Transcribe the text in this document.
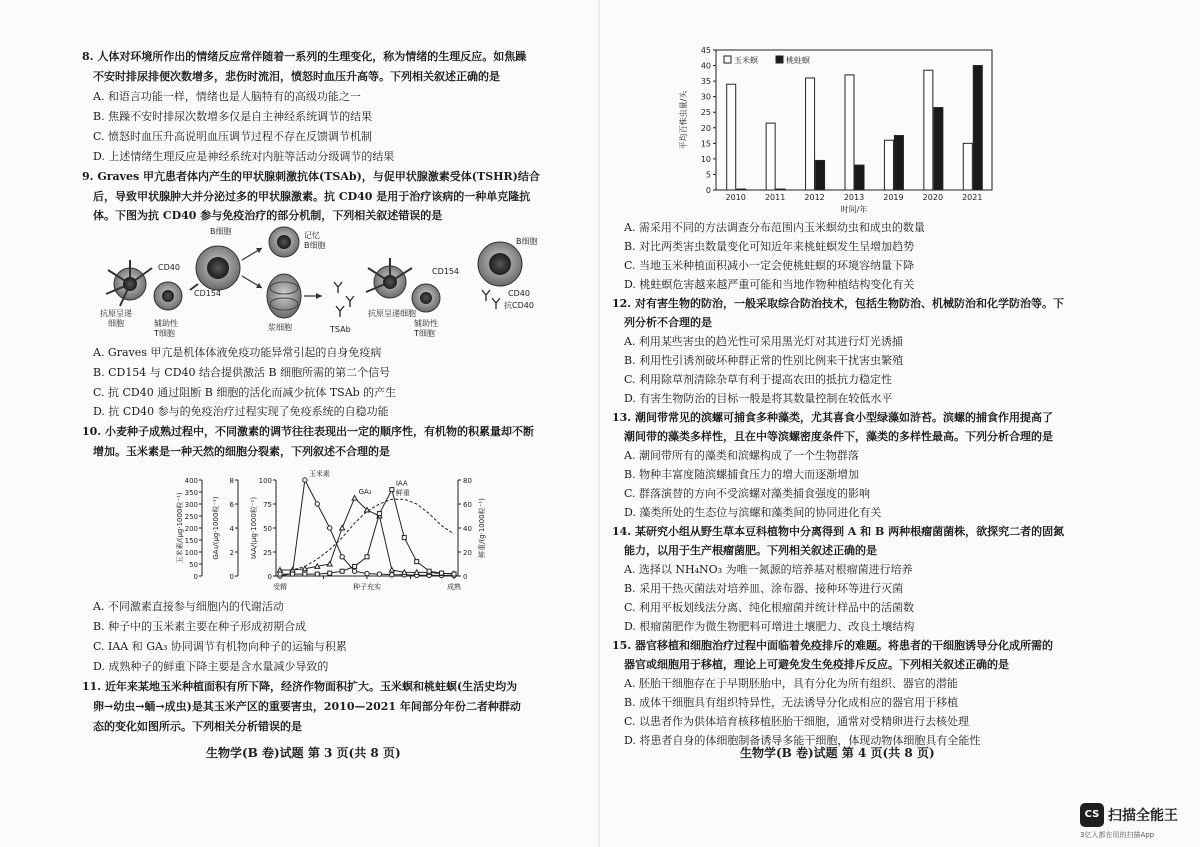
8. 人体对环境所作出的情绪反应常伴随着一系列的生理变化，称为情绪的生理反应。如焦躁
不安时排尿排便次数增多，悲伤时流泪，愤怒时血压升高等。下列相关叙述正确的是
A. 和语言功能一样，情绪也是人脑特有的高级功能之一
B. 焦躁不安时排尿次数增多仅是自主神经系统调节的结果
C. 愤怒时血压升高说明血压调节过程不存在反馈调节机制
D. 上述情绪生理反应是神经系统对内脏等活动分级调节的结果
9. Graves 甲亢患者体内产生的甲状腺刺激抗体(TSAb)，与促甲状腺激素受体(TSHR)结合
后，导致甲状腺肿大并分泌过多的甲状腺激素。抗 CD40 是用于治疗该病的一种单克隆抗
体。下图为抗 CD40 参与免疫治疗的部分机制，下列相关叙述错误的是
B细胞
CD40
CD154
抗原呈递
细胞	辅助性
T细胞
记忆
B细胞
浆细胞	TSAb
B细胞
CD154
CD40
抗CD40
抗原呈递细胞
辅助性
T细胞
A. Graves 甲亢是机体体液免疫功能异常引起的自身免疫病
B. CD154 与 CD40 结合提供激活 B 细胞所需的第二个信号
C. 抗 CD40 通过阻断 B 细胞的活化而减少抗体 TSAb 的产生
D. 抗 CD40 参与的免疫治疗过程实现了免疫系统的自稳功能
10. 小麦种子成熟过程中，不同激素的调节往往表现出一定的顺序性，有机物的积累量却不断
增加。玉米素是一种天然的细胞分裂素，下列叙述不合理的是
0
50
100
150
200
250
300
350
400
玉米素/(μg·1000粒⁻¹)
0
2
4
6
8
GA₃/(μg·1000粒⁻¹)
0
25
50
75
100
IAA/(μg·1000粒⁻¹)
0
20
40
60
80
鲜重/(g·1000粒⁻¹)
受精	种子充实	成熟
玉米素
GA₃
IAA
鲜重
A. 不同激素直接参与细胞内的代谢活动
B. 种子中的玉米素主要在种子形成初期合成
C. IAA 和 GA₃ 协同调节有机物向种子的运输与积累
D. 成熟种子的鲜重下降主要是含水量减少导致的
11. 近年来某地玉米种植面积有所下降，经济作物面积扩大。玉米螟和桃蛀螟(生活史均为
卵→幼虫→蛹→成虫)是其玉米产区的重要害虫，2010—2021 年间部分年份二者种群动
态的变化如图所示。下列相关分析错误的是
生物学(B 卷)试题 第 3 页(共 8 页)
0
5
10
15
20
25
30
35
40
45
2010 2011 2012 2013 2019 2020 2021
时间/年
平均百株虫量/头
玉米螟	桃蛀螟
A. 需采用不同的方法调查分布范围内玉米螟幼虫和成虫的数量
B. 对比两类害虫数量变化可知近年来桃蛀螟发生呈增加趋势
C. 当地玉米种植面积减小一定会使桃蛀螟的环境容纳量下降
D. 桃蛀螟危害越来越严重可能和当地作物种植结构变化有关
12. 对有害生物的防治，一般采取综合防治技术，包括生物防治、机械防治和化学防治等。下
列分析不合理的是
A. 利用某些害虫的趋光性可采用黑光灯对其进行灯光诱捕
B. 利用性引诱剂破坏种群正常的性别比例来干扰害虫繁殖
C. 利用除草剂清除杂草有利于提高农田的抵抗力稳定性
D. 有害生物防治的目标一般是将其数量控制在较低水平
13. 潮间带常见的滨螺可捕食多种藻类，尤其喜食小型绿藻如浒苔。滨螺的捕食作用提高了
潮间带的藻类多样性，且在中等滨螺密度条件下，藻类的多样性最高。下列分析合理的是
A. 潮间带所有的藻类和滨螺构成了一个生物群落
B. 物种丰富度随滨螺捕食压力的增大而逐渐增加
C. 群落演替的方向不受滨螺对藻类捕食强度的影响
D. 藻类所处的生态位与滨螺和藻类间的协同进化有关
14. 某研究小组从野生草本豆科植物中分离得到 A 和 B 两种根瘤菌菌株，欲探究二者的固氮
能力，以用于生产根瘤菌肥。下列相关叙述正确的是
A. 选择以 NH₄NO₃ 为唯一氮源的培养基对根瘤菌进行培养
B. 采用干热灭菌法对培养皿、涂布器、接种环等进行灭菌
C. 利用平板划线法分离、纯化根瘤菌并统计样品中的活菌数
D. 根瘤菌肥作为微生物肥料可增进土壤肥力、改良土壤结构
15. 器官移植和细胞治疗过程中面临着免疫排斥的难题。将患者的干细胞诱导分化成所需的
器官或细胞用于移植，理论上可避免发生免疫排斥反应。下列相关叙述正确的是
A. 胚胎干细胞存在于早期胚胎中，具有分化为所有组织、器官的潜能
B. 成体干细胞具有组织特异性，无法诱导分化成相应的器官用于移植
C. 以患者作为供体培育核移植胚胎干细胞，通常对受精卵进行去核处理
D. 将患者自身的体细胞制备诱导多能干细胞，体现动物体细胞具有全能性
生物学(B 卷)试题 第 4 页(共 8 页)
CS 扫描全能王
3亿人都在用的扫描App
